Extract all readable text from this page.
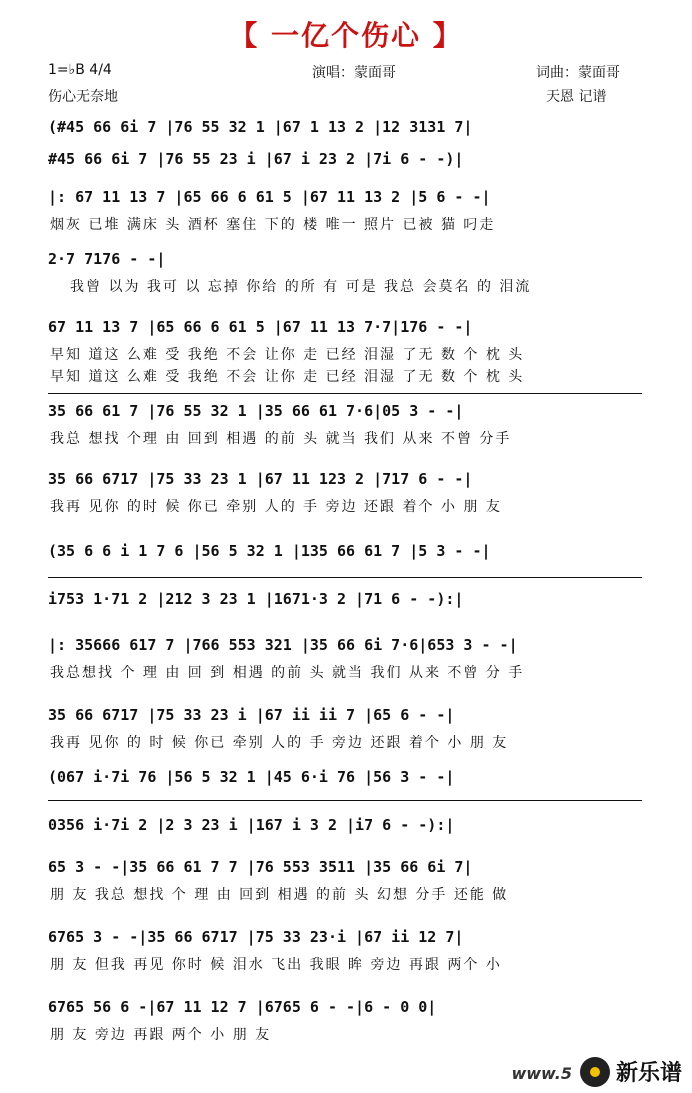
【 一亿个伤心 】
1=♭B 4/4	演唱：蒙面哥	词曲：蒙面哥
伤心无奈地	天恩 记谱
(#45 66 6i 7 |76 55 32 1 |67 1 13 2 |12 3131 7|
#45 66 6i 7 |76 55 23 i |67 i 23 2 |7i 6 - -)|
|: 67 11 13 7 |65 66 6 61 5 |67 11 13 2 |5 6 - -|
烟灰 已堆 满床 头 酒杯 塞住 下的 楼 唯一 照片 已被 猫 叼走
2·7 7176 - -|
我曾 以为 我可 以 忘掉 你给 的所 有 可是 我总 会莫名 的 泪流
67 11 13 7 |65 66 6 61 5 |67 11 13 7·7|176 - -|
早知 道这 么难 受 我绝 不会 让你 走 已经 泪湿 了无 数 个 枕 头
早知 道这 么难 受 我绝 不会 让你 走 已经 泪湿 了无 数 个 枕 头
35 66 61 7 |76 55 32 1 |35 66 61 7·6|05 3 - -|
我总 想找 个理 由 回到 相遇 的前 头 就当 我们 从来 不曾 分手
35 66 6717 |75 33 23 1 |67 11 123 2 |717 6 - -|
我再 见你 的时 候 你已 牵别 人的 手 旁边 还跟 着个 小 朋 友
(35 6 6 i 1 7 6 |56 5 32 1 |135 66 61 7 |5 3 - -|
i753 1·71 2 |212 3 23 1 |1671·3 2 |71 6 - -):|
|: 35666 617 7 |766 553 321 |35 66 6i 7·6|653 3 - -|
我总想找 个 理 由 回 到 相遇 的前 头 就当 我们 从来 不曾 分 手
35 66 6717 |75 33 23 i |67 ii ii 7 |65 6 - -|
我再 见你 的 时 候 你已 牵别 人的 手 旁边 还跟 着个 小 朋 友
(067 i·7i 76 |56 5 32 1 |45 6·i 76 |56 3 - -|
0356 i·7i 2 |2 3 23 i |167 i 3 2 |i7 6 - -):|
65 3 - -|35 66 61 7 7 |76 553 3511 |35 66 6i 7|
朋 友 我总 想找 个 理 由 回到 相遇 的前 头 幻想 分手 还能 做
6765 3 - -|35 66 6717 |75 33 23·i |67 ii 12 7|
朋 友 但我 再见 你时 候 泪水 飞出 我眼 眸 旁边 再跟 两个 小
6765 56 6 -|67 11 12 7 |6765 6 - -|6 - 0 0|
朋 友 旁边 再跟 两个 小 朋 友
www.5 新乐谱
